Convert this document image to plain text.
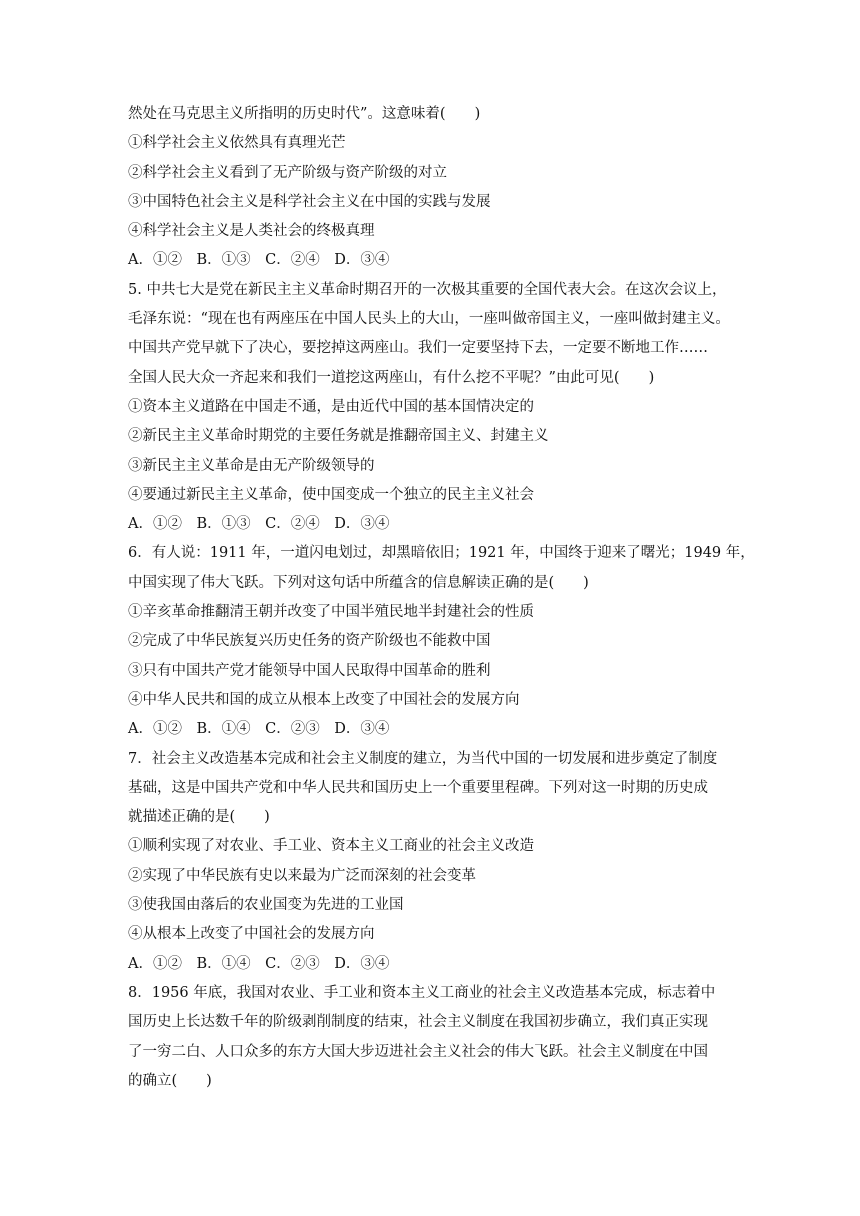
然处在马克思主义所指明的历史时代”。这意味着(　　)
①科学社会主义依然具有真理光芒
②科学社会主义看到了无产阶级与资产阶级的对立
③中国特色社会主义是科学社会主义在中国的实践与发展
④科学社会主义是人类社会的终极真理
A．①②　B．①③　C．②④　D．③④
5. 中共七大是党在新民主主义革命时期召开的一次极其重要的全国代表大会。在这次会议上，
毛泽东说：“现在也有两座压在中国人民头上的大山，一座叫做帝国主义，一座叫做封建主义。
中国共产党早就下了决心，要挖掉这两座山。我们一定要坚持下去，一定要不断地工作……
全国人民大众一齐起来和我们一道挖这两座山，有什么挖不平呢？”由此可见(　　)
①资本主义道路在中国走不通，是由近代中国的基本国情决定的
②新民主主义革命时期党的主要任务就是推翻帝国主义、封建主义
③新民主主义革命是由无产阶级领导的
④要通过新民主主义革命，使中国变成一个独立的民主主义社会
A．①②　B．①③　C．②④　D．③④
6．有人说：1911 年，一道闪电划过，却黑暗依旧；1921 年，中国终于迎来了曙光；1949 年，
中国实现了伟大飞跃。下列对这句话中所蕴含的信息解读正确的是(　　)
①辛亥革命推翻清王朝并改变了中国半殖民地半封建社会的性质
②完成了中华民族复兴历史任务的资产阶级也不能救中国
③只有中国共产党才能领导中国人民取得中国革命的胜利
④中华人民共和国的成立从根本上改变了中国社会的发展方向
A．①②　B．①④　C．②③　D．③④
7．社会主义改造基本完成和社会主义制度的建立，为当代中国的一切发展和进步奠定了制度
基础，这是中国共产党和中华人民共和国历史上一个重要里程碑。下列对这一时期的历史成
就描述正确的是(　　)
①顺利实现了对农业、手工业、资本主义工商业的社会主义改造
②实现了中华民族有史以来最为广泛而深刻的社会变革
③使我国由落后的农业国变为先进的工业国
④从根本上改变了中国社会的发展方向
A．①②　B．①④　C．②③　D．③④
8．1956 年底，我国对农业、手工业和资本主义工商业的社会主义改造基本完成，标志着中
国历史上长达数千年的阶级剥削制度的结束，社会主义制度在我国初步确立，我们真正实现
了一穷二白、人口众多的东方大国大步迈进社会主义社会的伟大飞跃。社会主义制度在中国
的确立(　　)
